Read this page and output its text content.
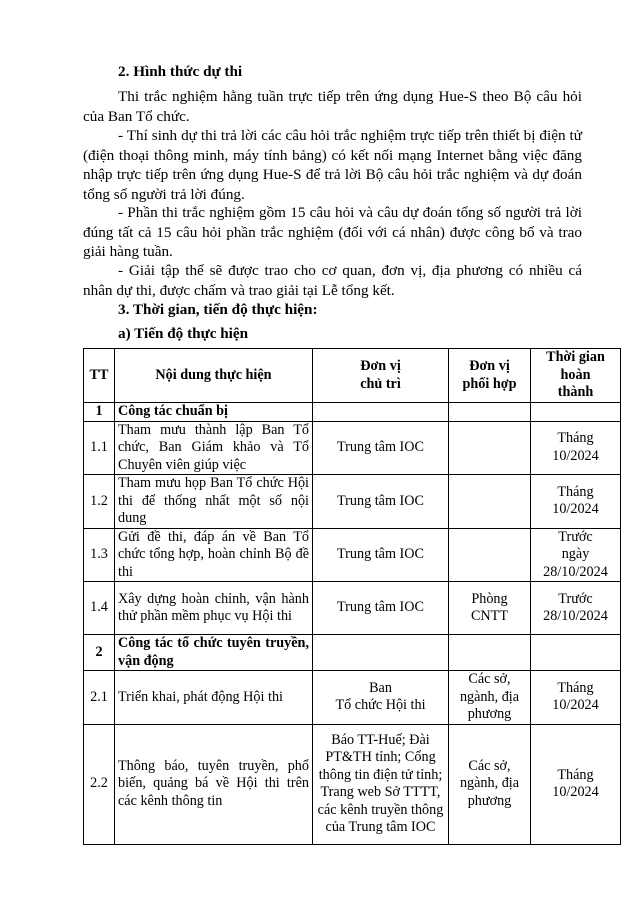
2. Hình thức dự thi

Thi trắc nghiệm hằng tuần trực tiếp trên ứng dụng Hue-S theo Bộ câu hỏi của Ban Tổ chức.

- Thí sinh dự thi trả lời các câu hỏi trắc nghiệm trực tiếp trên thiết bị điện tử (điện thoại thông minh, máy tính bảng) có kết nối mạng Internet bằng việc đăng nhập trực tiếp trên ứng dụng Hue-S để trả lời Bộ câu hỏi trắc nghiệm và dự đoán tổng số người trả lời đúng.

- Phần thi trắc nghiệm gồm 15 câu hỏi và câu dự đoán tổng số người trả lời đúng tất cả 15 câu hỏi phần trắc nghiệm (đối với cá nhân) được công bố và trao giải hàng tuần.

- Giải tập thể sẽ được trao cho cơ quan, đơn vị, địa phương có nhiều cá nhân dự thi, được chấm và trao giải tại Lễ tổng kết.

3. Thời gian, tiến độ thực hiện:
a) Tiến độ thực hiện
TT	Nội dung thực hiện	Đơn vị
chủ trì	Đơn vị
phối hợp	Thời gian
hoàn
thành
1	Công tác chuẩn bị			
1.1	Tham mưu thành lập Ban Tổ chức, Ban Giám khảo và Tổ Chuyên viên giúp việc	Trung tâm IOC		Tháng
10/2024
1.2	Tham mưu họp Ban Tổ chức Hội thi để thống nhất một số nội dung	Trung tâm IOC		Tháng
10/2024
1.3	Gửi đề thi, đáp án về Ban Tổ chức tổng hợp, hoàn chỉnh Bộ đề thi	Trung tâm IOC		Trước
ngày
28/10/2024
1.4	Xây dựng hoàn chỉnh, vận hành thử phần mềm phục vụ Hội thi	Trung tâm IOC	Phòng
CNTT	Trước
28/10/2024
2	Công tác tổ chức tuyên truyền, vận động			
2.1	Triển khai, phát động Hội thi	Ban
Tổ chức Hội thi	Các sở,
ngành, địa
phương	Tháng
10/2024
2.2	Thông báo, tuyên truyền, phổ biến, quảng bá về Hội thi trên các kênh thông tin	Báo TT-Huế; Đài PT&TH tỉnh; Cổng thông tin điện tử tỉnh; Trang web Sở TTTT, các kênh truyền thông của Trung tâm IOC	Các sở,
ngành, địa
phương	Tháng
10/2024
